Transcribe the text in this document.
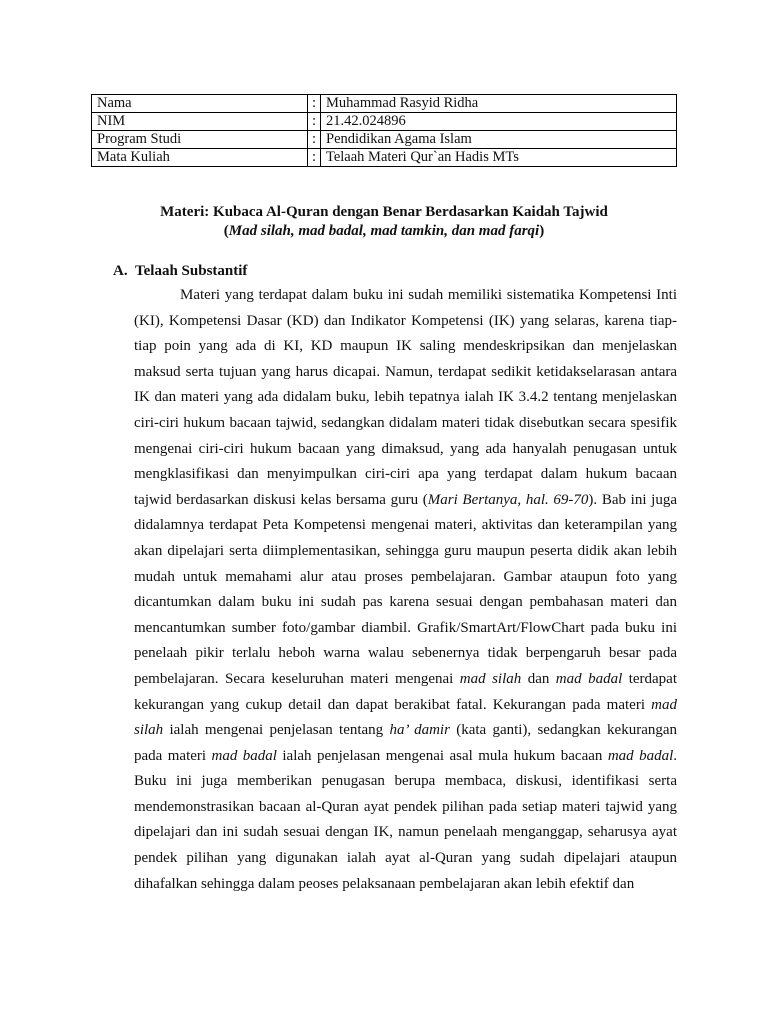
Nama	:	Muhammad Rasyid Ridha
NIM	:	21.42.024896
Program Studi	:	Pendidikan Agama Islam
Mata Kuliah	:	Telaah Materi Qur`an Hadis MTs
Materi: Kubaca Al-Quran dengan Benar Berdasarkan Kaidah Tajwid
(Mad silah, mad badal, mad tamkin, dan mad farqi)
A. Telaah Substantif

Materi yang terdapat dalam buku ini sudah memiliki sistematika Kompetensi Inti (KI), Kompetensi Dasar (KD) dan Indikator Kompetensi (IK) yang selaras, karena tiap-tiap poin yang ada di KI, KD maupun IK saling mendeskripsikan dan menjelaskan maksud serta tujuan yang harus dicapai. Namun, terdapat sedikit ketidakselarasan antara IK dan materi yang ada didalam buku, lebih tepatnya ialah IK 3.4.2 tentang menjelaskan ciri-ciri hukum bacaan tajwid, sedangkan didalam materi tidak disebutkan secara spesifik mengenai ciri-ciri hukum bacaan yang dimaksud, yang ada hanyalah penugasan untuk mengklasifikasi dan menyimpulkan ciri-ciri apa yang terdapat dalam hukum bacaan tajwid berdasarkan diskusi kelas bersama guru (Mari Bertanya, hal. 69-70). Bab ini juga didalamnya terdapat Peta Kompetensi mengenai materi, aktivitas dan keterampilan yang akan dipelajari serta diimplementasikan, sehingga guru maupun peserta didik akan lebih mudah untuk memahami alur atau proses pembelajaran. Gambar ataupun foto yang dicantumkan dalam buku ini sudah pas karena sesuai dengan pembahasan materi dan mencantumkan sumber foto/gambar diambil. Grafik/SmartArt/FlowChart pada buku ini penelaah pikir terlalu heboh warna walau sebenernya tidak berpengaruh besar pada pembelajaran. Secara keseluruhan materi mengenai mad silah dan mad badal terdapat kekurangan yang cukup detail dan dapat berakibat fatal. Kekurangan pada materi mad silah ialah mengenai penjelasan tentang ha’ damir (kata ganti), sedangkan kekurangan pada materi mad badal ialah penjelasan mengenai asal mula hukum bacaan mad badal. Buku ini juga memberikan penugasan berupa membaca, diskusi, identifikasi serta mendemonstrasikan bacaan al-Quran ayat pendek pilihan pada setiap materi tajwid yang dipelajari dan ini sudah sesuai dengan IK, namun penelaah menganggap, seharusya ayat pendek pilihan yang digunakan ialah ayat al-Quran yang sudah dipelajari ataupun dihafalkan sehingga dalam peoses pelaksanaan pembelajaran akan lebih efektif dan
